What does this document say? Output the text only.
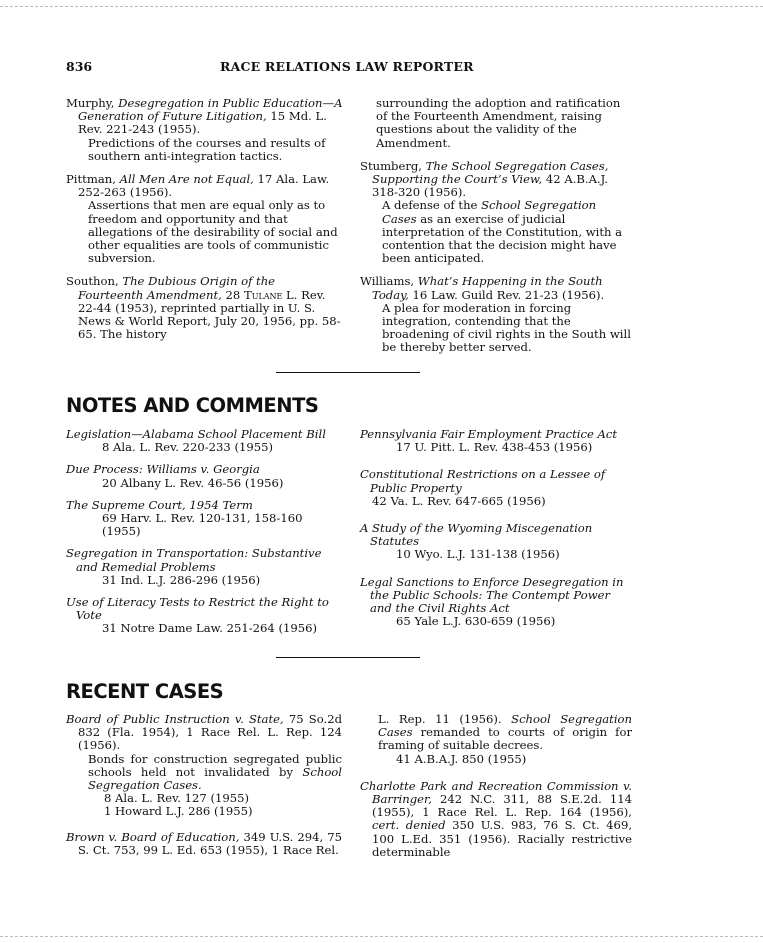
836	RACE RELATIONS LAW REPORTER
Murphy, Desegregation in Public Education—A Generation of Future Litigation, 15 Md. L. Rev. 221-243 (1955).
Predictions of the courses and results of southern anti-integration tactics.
Pittman, All Men Are not Equal, 17 Ala. Law. 252-263 (1956).
Assertions that men are equal only as to freedom and opportunity and that allegations of the desirability of social and other equalities are tools of communistic subversion.
Southon, The Dubious Origin of the Fourteenth Amendment, 28 Tulane L. Rev. 22-44 (1953), reprinted partially in U. S. News & World Report, July 20, 1956, pp. 58-65. The history
surrounding the adoption and ratification of the Fourteenth Amendment, raising questions about the validity of the Amendment.
Stumberg, The School Segregation Cases, Supporting the Court’s View, 42 A.B.A.J. 318-320 (1956).
A defense of the School Segregation Cases as an exercise of judicial interpretation of the Constitution, with a contention that the decision might have been anticipated.
Williams, What’s Happening in the South Today, 16 Law. Guild Rev. 21-23 (1956).
A plea for moderation in forcing integration, contending that the broadening of civil rights in the South will be thereby better served.
NOTES AND COMMENTS
Legislation—Alabama School Placement Bill
8 Ala. L. Rev. 220-233 (1955)
Due Process: Williams v. Georgia
20 Albany L. Rev. 46-56 (1956)
The Supreme Court, 1954 Term
69 Harv. L. Rev. 120-131, 158-160 (1955)
Segregation in Transportation: Substantive and Remedial Problems
31 Ind. L.J. 286-296 (1956)
Use of Literacy Tests to Restrict the Right to Vote
31 Notre Dame Law. 251-264 (1956)
Pennsylvania Fair Employment Practice Act
17 U. Pitt. L. Rev. 438-453 (1956)
Constitutional Restrictions on a Lessee of Public Property
42 Va. L. Rev. 647-665 (1956)
A Study of the Wyoming Miscegenation Statutes
10 Wyo. L.J. 131-138 (1956)
Legal Sanctions to Enforce Desegregation in the Public Schools: The Contempt Power and the Civil Rights Act
65 Yale L.J. 630-659 (1956)
RECENT CASES
Board of Public Instruction v. State, 75 So.2d 832 (Fla. 1954), 1 Race Rel. L. Rep. 124 (1956).
Bonds for construction segregated public schools held not invalidated by School Segregation Cases.
8 Ala. L. Rev. 127 (1955)
1 Howard L.J. 286 (1955)
Brown v. Board of Education, 349 U.S. 294, 75 S. Ct. 753, 99 L. Ed. 653 (1955), 1 Race Rel.
L. Rep. 11 (1956). School Segregation Cases remanded to courts of origin for framing of suitable decrees.
41 A.B.A.J. 850 (1955)
Charlotte Park and Recreation Commission v. Barringer, 242 N.C. 311, 88 S.E.2d. 114 (1955), 1 Race Rel. L. Rep. 164 (1956), cert. denied 350 U.S. 983, 76 S. Ct. 469, 100 L.Ed. 351 (1956). Racially restrictive determinable
